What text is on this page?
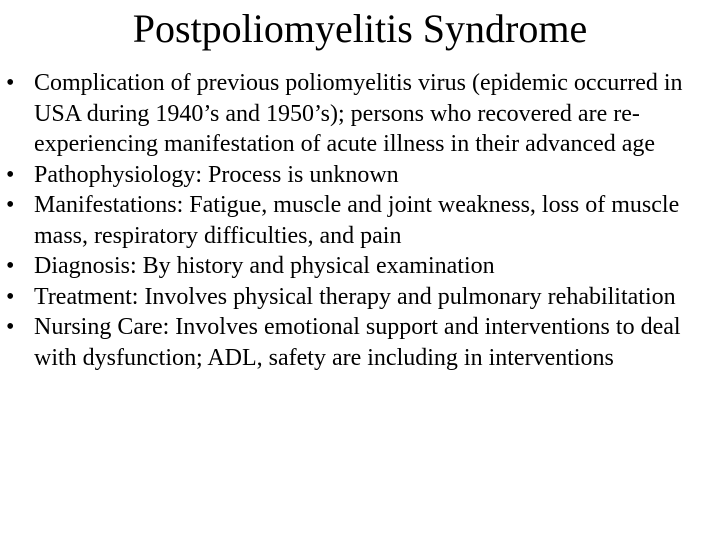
Postpoliomyelitis Syndrome
• Complication of previous poliomyelitis virus (epidemic occurred in USA during 1940’s and 1950’s); persons who recovered are re-experiencing manifestation of acute illness in their advanced age
• Pathophysiology: Process is unknown
• Manifestations: Fatigue, muscle and joint weakness, loss of muscle mass, respiratory difficulties, and pain
• Diagnosis: By history and physical examination
• Treatment: Involves physical therapy and pulmonary rehabilitation
• Nursing Care: Involves emotional support and interventions to deal with dysfunction; ADL, safety are including in interventions
